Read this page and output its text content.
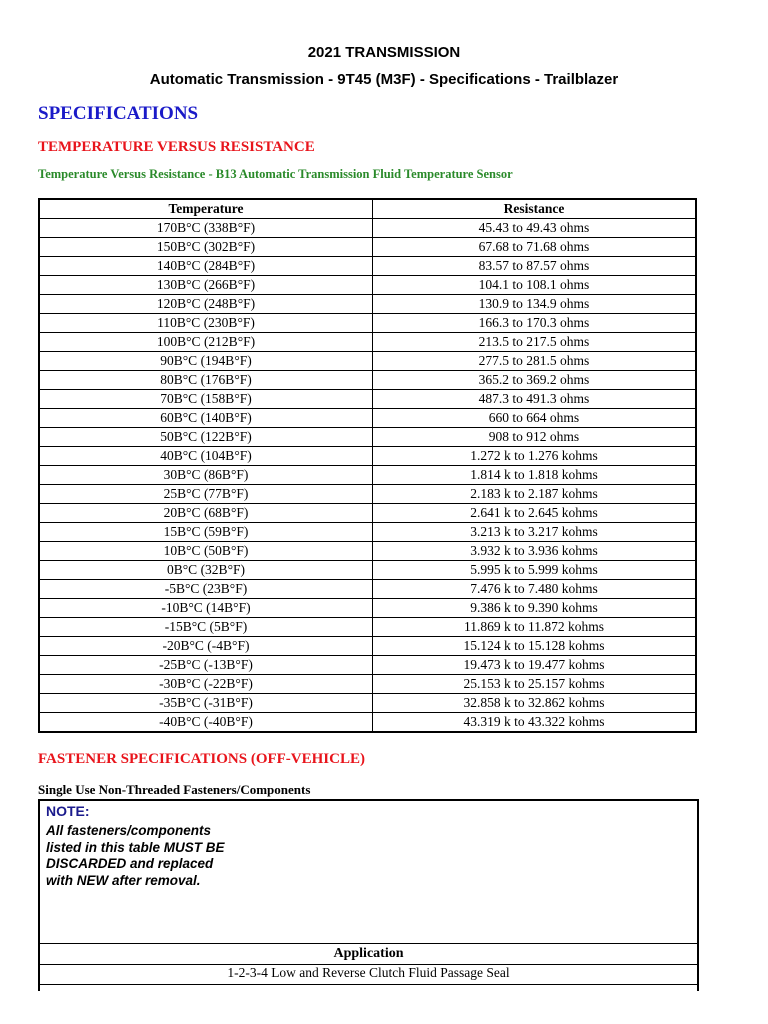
2021 TRANSMISSION
Automatic Transmission - 9T45 (M3F) - Specifications - Trailblazer
SPECIFICATIONS
TEMPERATURE VERSUS RESISTANCE
Temperature Versus Resistance - B13 Automatic Transmission Fluid Temperature Sensor
Temperature	Resistance
170B°C (338B°F)	45.43 to 49.43 ohms
150B°C (302B°F)	67.68 to 71.68 ohms
140B°C (284B°F)	83.57 to 87.57 ohms
130B°C (266B°F)	104.1 to 108.1 ohms
120B°C (248B°F)	130.9 to 134.9 ohms
110B°C (230B°F)	166.3 to 170.3 ohms
100B°C (212B°F)	213.5 to 217.5 ohms
90B°C (194B°F)	277.5 to 281.5 ohms
80B°C (176B°F)	365.2 to 369.2 ohms
70B°C (158B°F)	487.3 to 491.3 ohms
60B°C (140B°F)	660 to 664 ohms
50B°C (122B°F)	908 to 912 ohms
40B°C (104B°F)	1.272 k to 1.276 kohms
30B°C (86B°F)	1.814 k to 1.818 kohms
25B°C (77B°F)	2.183 k to 2.187 kohms
20B°C (68B°F)	2.641 k to 2.645 kohms
15B°C (59B°F)	3.213 k to 3.217 kohms
10B°C (50B°F)	3.932 k to 3.936 kohms
0B°C (32B°F)	5.995 k to 5.999 kohms
-5B°C (23B°F)	7.476 k to 7.480 kohms
-10B°C (14B°F)	9.386 k to 9.390 kohms
-15B°C (5B°F)	11.869 k to 11.872 kohms
-20B°C (-4B°F)	15.124 k to 15.128 kohms
-25B°C (-13B°F)	19.473 k to 19.477 kohms
-30B°C (-22B°F)	25.153 k to 25.157 kohms
-35B°C (-31B°F)	32.858 k to 32.862 kohms
-40B°C (-40B°F)	43.319 k to 43.322 kohms
FASTENER SPECIFICATIONS (OFF-VEHICLE)
Single Use Non-Threaded Fasteners/Components
NOTE:
All fasteners/components listed in this table MUST BE DISCARDED and replaced with NEW after removal.
Application
1-2-3-4 Low and Reverse Clutch Fluid Passage Seal
